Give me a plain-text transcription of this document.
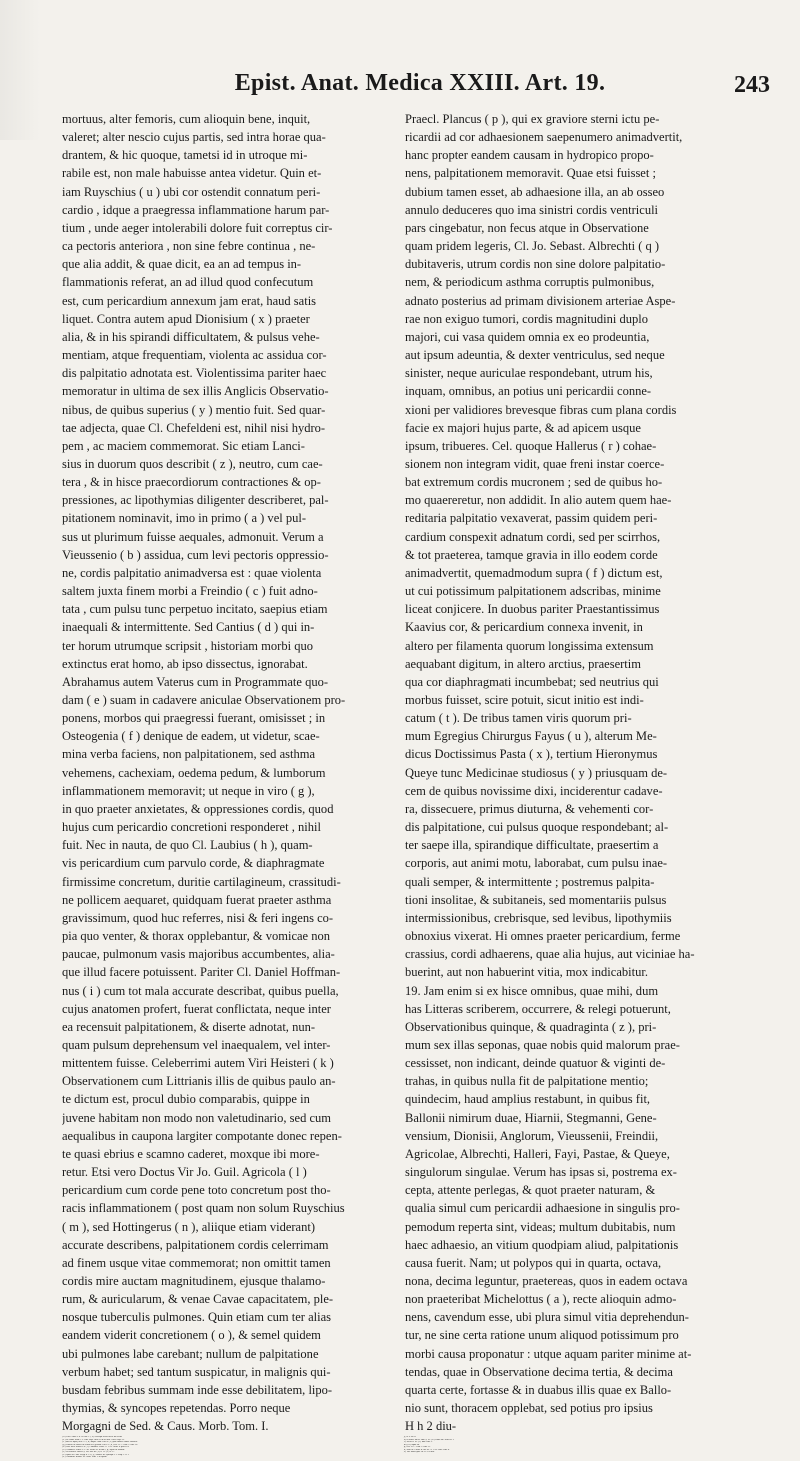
Epist. Anat. Medica XXIII. Art. 19.	243
mortuus, alter femoris, cum alioquin bene, inquit,
valeret; alter nescio cujus partis, sed intra horae qua-
drantem, & hic quoque, tametsi id in utroque mi-
rabile est, non male habuisse antea videtur. Quin et-
iam Ruyschius ( u ) ubi cor ostendit connatum peri-
cardio , idque a praegressa inflammatione harum par-
tium , unde aeger intolerabili dolore fuit correptus cir-
ca pectoris anteriora , non sine febre continua , ne-
que alia addit, & quae dicit, ea an ad tempus in-
flammationis referat, an ad illud quod confecutum
est, cum pericardium annexum jam erat, haud satis
liquet. Contra autem apud Dionisium ( x ) praeter
alia, & in his spirandi difficultatem, & pulsus vehe-
mentiam, atque frequentiam, violenta ac assidua cor-
dis palpitatio adnotata est. Violentissima pariter haec
memoratur in ultima de sex illis Anglicis Observatio-
nibus, de quibus superius ( y ) mentio fuit. Sed quar-
tae adjecta, quae Cl. Chefeldeni est, nihil nisi hydro-
pem , ac maciem commemorat. Sic etiam Lanci-
sius in duorum quos describit ( z ), neutro, cum cae-
tera , & in hisce praecordiorum contractiones & op-
pressiones, ac lipothymias diligenter describeret, pal-
pitationem nominavit, imo in primo ( a ) vel pul-
sus ut plurimum fuisse aequales, admonuit. Verum a
Vieussenio ( b ) assidua, cum levi pectoris oppressio-
ne, cordis palpitatio animadversa est : quae violenta
saltem juxta finem morbi a Freindio ( c ) fuit adno-
tata , cum pulsu tunc perpetuo incitato, saepius etiam
inaequali & intermittente. Sed Cantius ( d ) qui in-
ter horum utrumque scripsit , historiam morbi quo
extinctus erat homo, ab ipso dissectus, ignorabat.
Abrahamus autem Vaterus cum in Programmate quo-
dam ( e ) suam in cadavere aniculae Observationem pro-
ponens, morbos qui praegressi fuerant, omisisset ; in
Osteogenia ( f ) denique de eadem, ut videtur, scae-
mina verba faciens, non palpitationem, sed asthma
vehemens, cachexiam, oedema pedum, & lumborum
inflammationem memoravit; ut neque in viro ( g ),
in quo praeter anxietates, & oppressiones cordis, quod
hujus cum pericardio concretioni responderet , nihil
fuit. Nec in nauta, de quo Cl. Laubius ( h ), quam-
vis pericardium cum parvulo corde, & diaphragmate
firmissime concretum, duritie cartilagineum, crassitudi-
ne pollicem aequaret, quidquam fuerat praeter asthma
gravissimum, quod huc referres, nisi & feri ingens co-
pia quo venter, & thorax opplebantur, & vomicae non
paucae, pulmonum vasis majoribus accumbentes, alia-
que illud facere potuissent. Pariter Cl. Daniel Hoffman-
nus ( i ) cum tot mala accurate describat, quibus puella,
cujus anatomen profert, fuerat conflictata, neque inter
ea recensuit palpitationem, & diserte adnotat, nun-
quam pulsum deprehensum vel inaequalem, vel inter-
mittentem fuisse. Celeberrimi autem Viri Heisteri ( k )
Observationem cum Littrianis illis de quibus paulo an-
te dictum est, procul dubio comparabis, quippe in
juvene habitam non modo non valetudinario, sed cum
aequalibus in caupona largiter compotante donec repen-
te quasi ebrius e scamno caderet, moxque ibi more-
retur. Etsi vero Doctus Vir Jo. Guil. Agricola ( l )
pericardium cum corde pene toto concretum post tho-
racis inflammationem ( post quam non solum Ruyschius
( m ), sed Hottingerus ( n ), aliique etiam viderant)
accurate describens, palpitationem cordis celerrimam
ad finem usque vitae commemorat; non omittit tamen
cordis mire auctam magnitudinem, ejusque thalamo-
rum, & auricularum, & venae Cavae capacitatem, ple-
nosque tuberculis pulmones. Quin etiam cum ter alias
eandem viderit concretionem ( o ), & semel quidem
ubi pulmones labe carebant; nullum de palpitatione
verbum habet; sed tantum suspicatur, in malignis qui-
busdam febribus summam inde esse debilitatem, lipo-
thymias, & syncopes repetendas. Porro neque
Morgagni de Sed. & Caus. Morb. Tom. I.
Praecl. Plancus ( p ), qui ex graviore sterni ictu pe-
ricardii ad cor adhaesionem saepenumero animadvertit,
hanc propter eandem causam in hydropico propo-
nens, palpitationem memoravit. Quae etsi fuisset ;
dubium tamen esset, ab adhaesione illa, an ab osseo
annulo deduceres quo ima sinistri cordis ventriculi
pars cingebatur, non fecus atque in Observatione
quam pridem legeris, Cl. Jo. Sebast. Albrechti ( q )
dubitaveris, utrum cordis non sine dolore palpitatio-
nem, & periodicum asthma corruptis pulmonibus,
adnato posterius ad primam divisionem arteriae Aspe-
rae non exiguo tumori, cordis magnitudini duplo
majori, cui vasa quidem omnia ex eo prodeuntia,
aut ipsum adeuntia, & dexter ventriculus, sed neque
sinister, neque auriculae respondebant, utrum his,
inquam, omnibus, an potius uni pericardii conne-
xioni per validiores brevesque fibras cum plana cordis
facie ex majori hujus parte, & ad apicem usque
ipsum, tribueres. Cel. quoque Hallerus ( r ) cohae-
sionem non integram vidit, quae freni instar coerce-
bat extremum cordis mucronem ; sed de quibus ho-
mo quaereretur, non addidit. In alio autem quem hae-
reditaria palpitatio vexaverat, passim quidem peri-
cardium conspexit adnatum cordi, sed per scirrhos,
& tot praeterea, tamque gravia in illo eodem corde
animadvertit, quemadmodum supra ( f ) dictum est,
ut cui potissimum palpitationem adscribas, minime
liceat conjicere. In duobus pariter Praestantissimus
Kaavius cor, & pericardium connexa invenit, in
altero per filamenta quorum longissima extensum
aequabant digitum, in altero arctius, praesertim
qua cor diaphragmati incumbebat; sed neutrius qui
morbus fuisset, scire potuit, sicut initio est indi-
catum ( t ). De tribus tamen viris quorum pri-
mum Egregius Chirurgus Fayus ( u ), alterum Me-
dicus Doctissimus Pasta ( x ), tertium Hieronymus
Queye tunc Medicinae studiosus ( y ) priusquam de-
cem de quibus novissime dixi, inciderentur cadave-
ra, dissecuere, primus diuturna, & vehementi cor-
dis palpitatione, cui pulsus quoque respondebant; al-
ter saepe illa, spirandique difficultate, praesertim a
corporis, aut animi motu, laborabat, cum pulsu inae-
quali semper, & intermittente ; postremus palpita-
tioni insolitae, & subitaneis, sed momentariis pulsus
intermissionibus, crebrisque, sed levibus, lipothymiis
obnoxius vixerat. Hi omnes praeter pericardium, ferme
crassius, cordi adhaerens, quae alia hujus, aut viciniae ha-
buerint, aut non habuerint vitia, mox indicabitur.
19. Jam enim si ex hisce omnibus, quae mihi, dum
has Litteras scriberem, occurrere, & relegi potuerunt,
Observationibus quinque, & quadraginta ( z ), pri-
mum sex illas seponas, quae nobis quid malorum prae-
cessisset, non indicant, deinde quatuor & viginti de-
trahas, in quibus nulla fit de palpitatione mentio;
quindecim, haud amplius restabunt, in quibus fit,
Ballonii nimirum duae, Hiarnii, Stegmanni, Gene-
vensium, Dionisii, Anglorum, Vieussenii, Freindii,
Agricolae, Albrechti, Halleri, Fayi, Pastae, & Queye,
singulorum singulae. Verum has ipsas si, postrema ex-
cepta, attente perlegas, & quot praeter naturam, &
qualia simul cum pericardii adhaesione in singulis pro-
pemodum reperta sint, videas; multum dubitabis, num
haec adhaesio, an vitium quodpiam aliud, palpitationis
causa fuerit. Nam; ut polypos qui in quarta, octava,
nona, decima leguntur, praetereas, quos in eadem octava
non praeteribat Michelottus ( a ), recte alioquin admo-
nens, cavendum esse, ubi plura simul vitia deprehendun-
tur, ne sine certa ratione unum aliquod potissimum pro
morbi causa proponatur : utque aquam pariter minime at-
tendas, quae in Observatione decima tertia, & decima
quarta certe, fortasse & in duabus illis quae ex Ballo-
nio sunt, thoracem opplebat, sed potius pro ipsius
H h 2 diu-
( u ) Thes. Anat. 6. n. 36. not. 1. ( x ) Descript. d'une oreill. du coeur.
( z ) De Subit. Mort. l. 2. Obs. Phys. Med. 4. & de Mot. Cord. Prop. 33.
( e ) ubi cit. supra, ad n. 17. ( d ) Impet. Anat. Tab. 4. ( e ) post Observ. rariss. calculor.
( g ) Dissert. de calcul. in vesica fell. generat. Thes. 9. ( h ) Act. N. C. Tom. 2. Obs. 20.
( k ) Obs. Med. Miscell. 4. ( l ) Commerc. Litter. A. 1735. Hebd. 8. post n. 4.
( o ) Commerc. Litter. A. 1736. Hebd. 41. in fine. ( p ) Epist. de Monstr.
( r ) Ad Praelect. Boerh. §. 182. not. m. ( f ) n. 12. ( t ) n. 17.
( x ) Epist. de Cord. Polyp. n. 13. ( y ) Dissert. de Syncopa c. 3. Prop. 1. n. 1.
( a ) Comment. Bonon. Sc. Acad. Tom. 1. in Opusc.

( y ) n. 9. & 10.
( a ) in Schol. ad cit. Obs. §. 10. ( b ) Traité du Coeur ch. 1.
( f ) Thess. n. 10. ( i ) Ibid. Obs. 2.
( m ) ( n ) supra cit.
( q ) Act. N. C. Tom. 5. Obs. 11.
( u ) Hist. de l'Acad. R. des Sc. A. 1735. Obs. Anat. 8.
( z ) Vid. alias Epist. 24. n. 3. in fine.
